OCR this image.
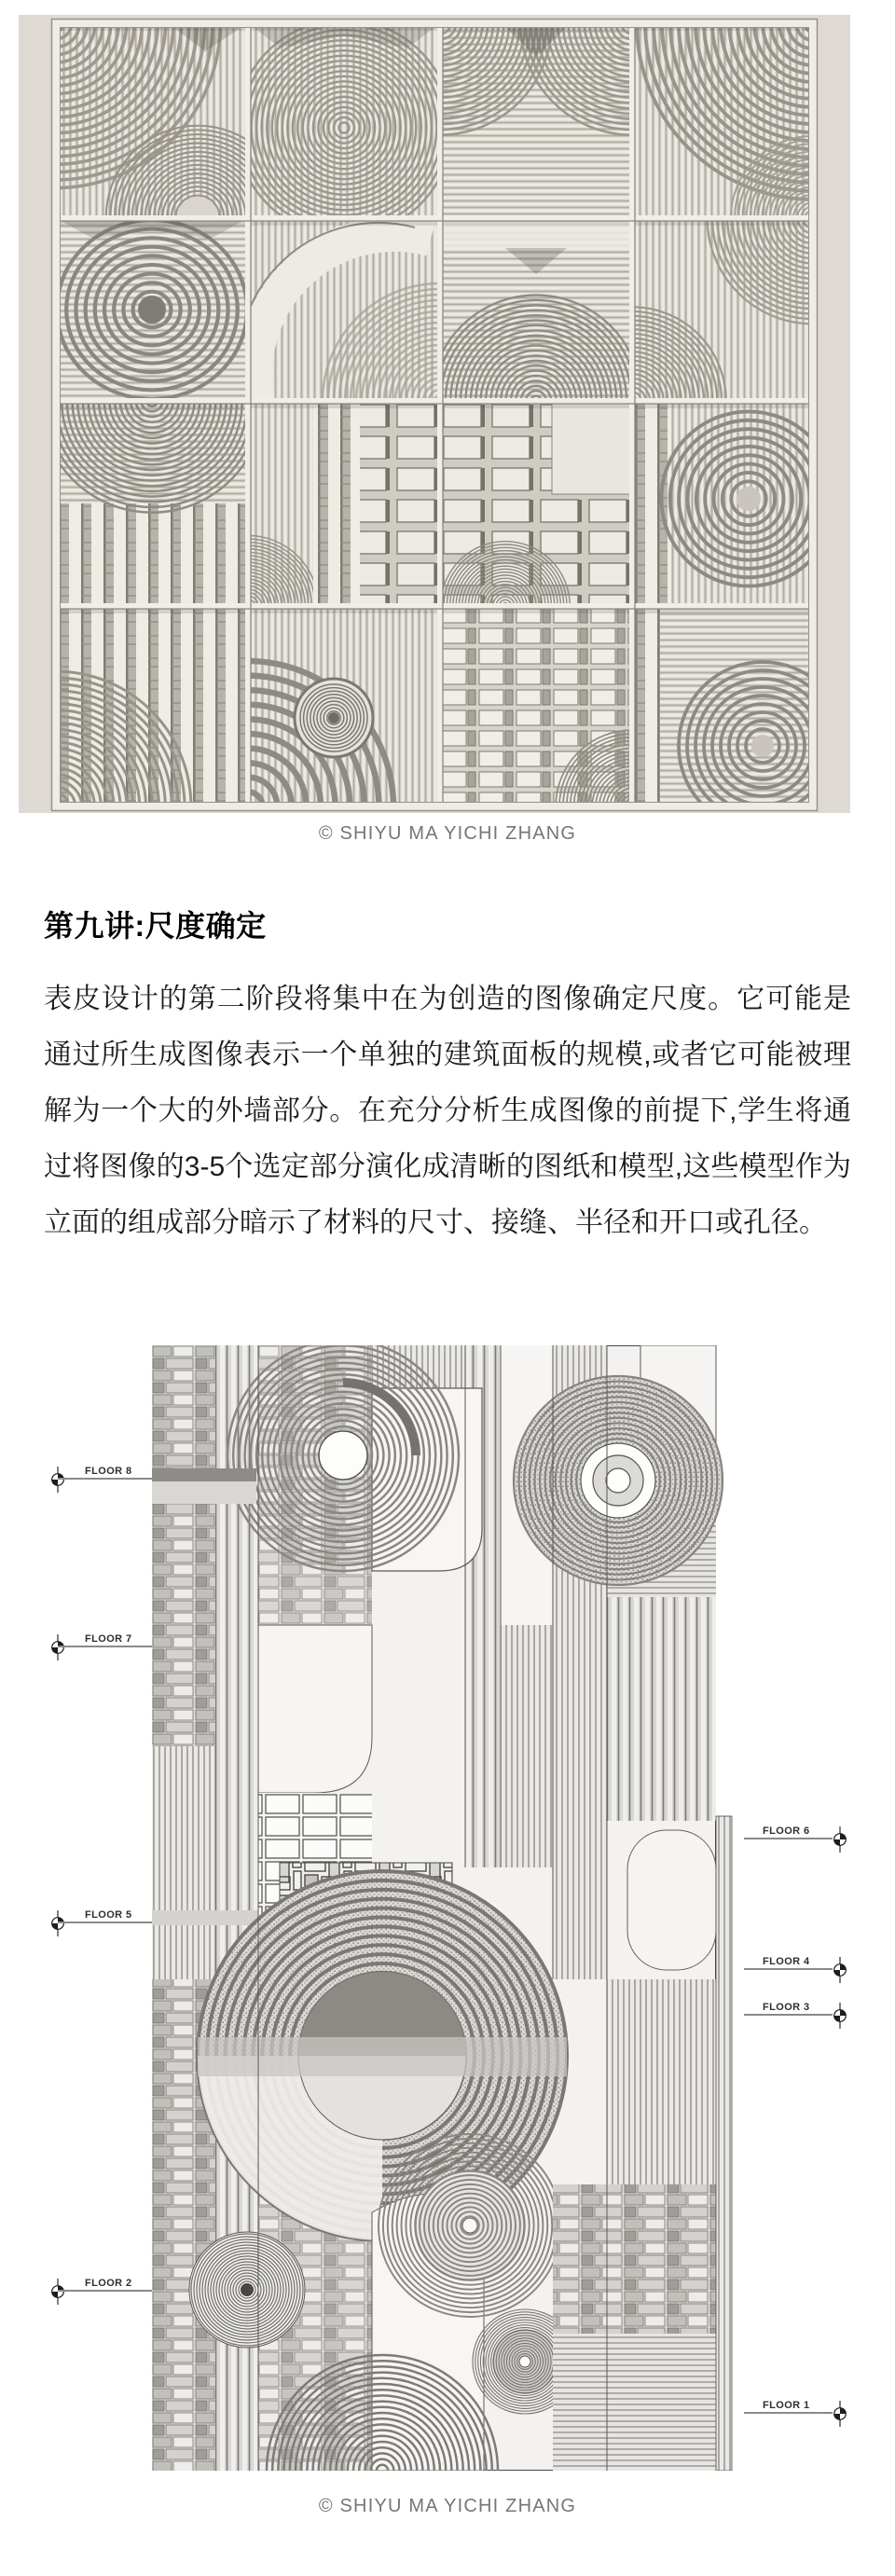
© SHIYU MA YICHI ZHANG
第九讲:尺度确定

表皮设计的第二阶段将集中在为创造的图像确定尺度。它可能是通过所生成图像表示一个单独的建筑面板的规模,或者它可能被理解为一个大的外墙部分。在充分分析生成图像的前提下,学生将通过将图像的3-5个选定部分演化成清晰的图纸和模型,这些模型作为立面的组成部分暗示了材料的尺寸、接缝、半径和开口或孔径。

FLOOR 8
FLOOR 7
FLOOR 6
FLOOR 5
FLOOR 4
FLOOR 3
FLOOR 2
FLOOR 1
© SHIYU MA YICHI ZHANG
